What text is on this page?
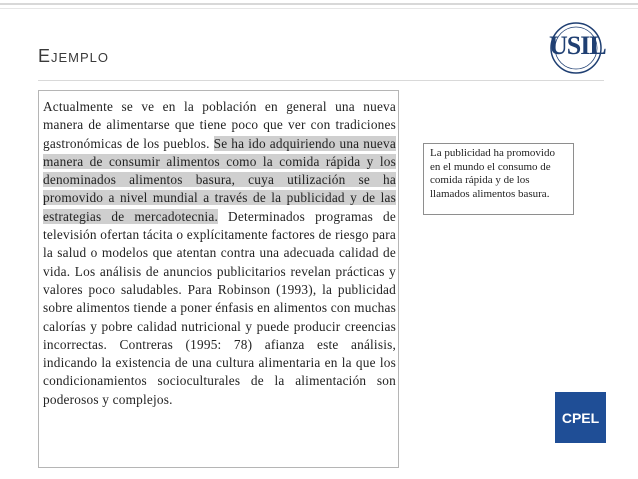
Ejemplo	USIL
Actualmente se ve en la población en general una nueva manera de alimentarse que tiene poco que ver con tradiciones gastronómicas de los pueblos. Se ha ido adquiriendo una nueva manera de consumir alimentos como la comida rápida y los denominados alimentos basura, cuya utilización se ha promovido a nivel mundial a través de la publicidad y de las estrategias de mercadotecnia. Determinados programas de televisión ofertan tácita o explícitamente factores de riesgo para la salud o modelos que atentan contra una adecuada calidad de vida. Los análisis de anuncios publicitarios revelan prácticas y valores poco saludables. Para Robinson (1993), la publicidad sobre alimentos tiende a poner énfasis en alimentos con muchas calorías y pobre calidad nutricional y puede producir creencias incorrectas. Contreras (1995: 78) afianza este análisis, indicando la existencia de una cultura alimentaria en la que los condicionamientos socioculturales de la alimentación son poderosos y complejos.
La publicidad ha promovido en el mundo el consumo de comida rápida y de los llamados alimentos basura.
CPEL
